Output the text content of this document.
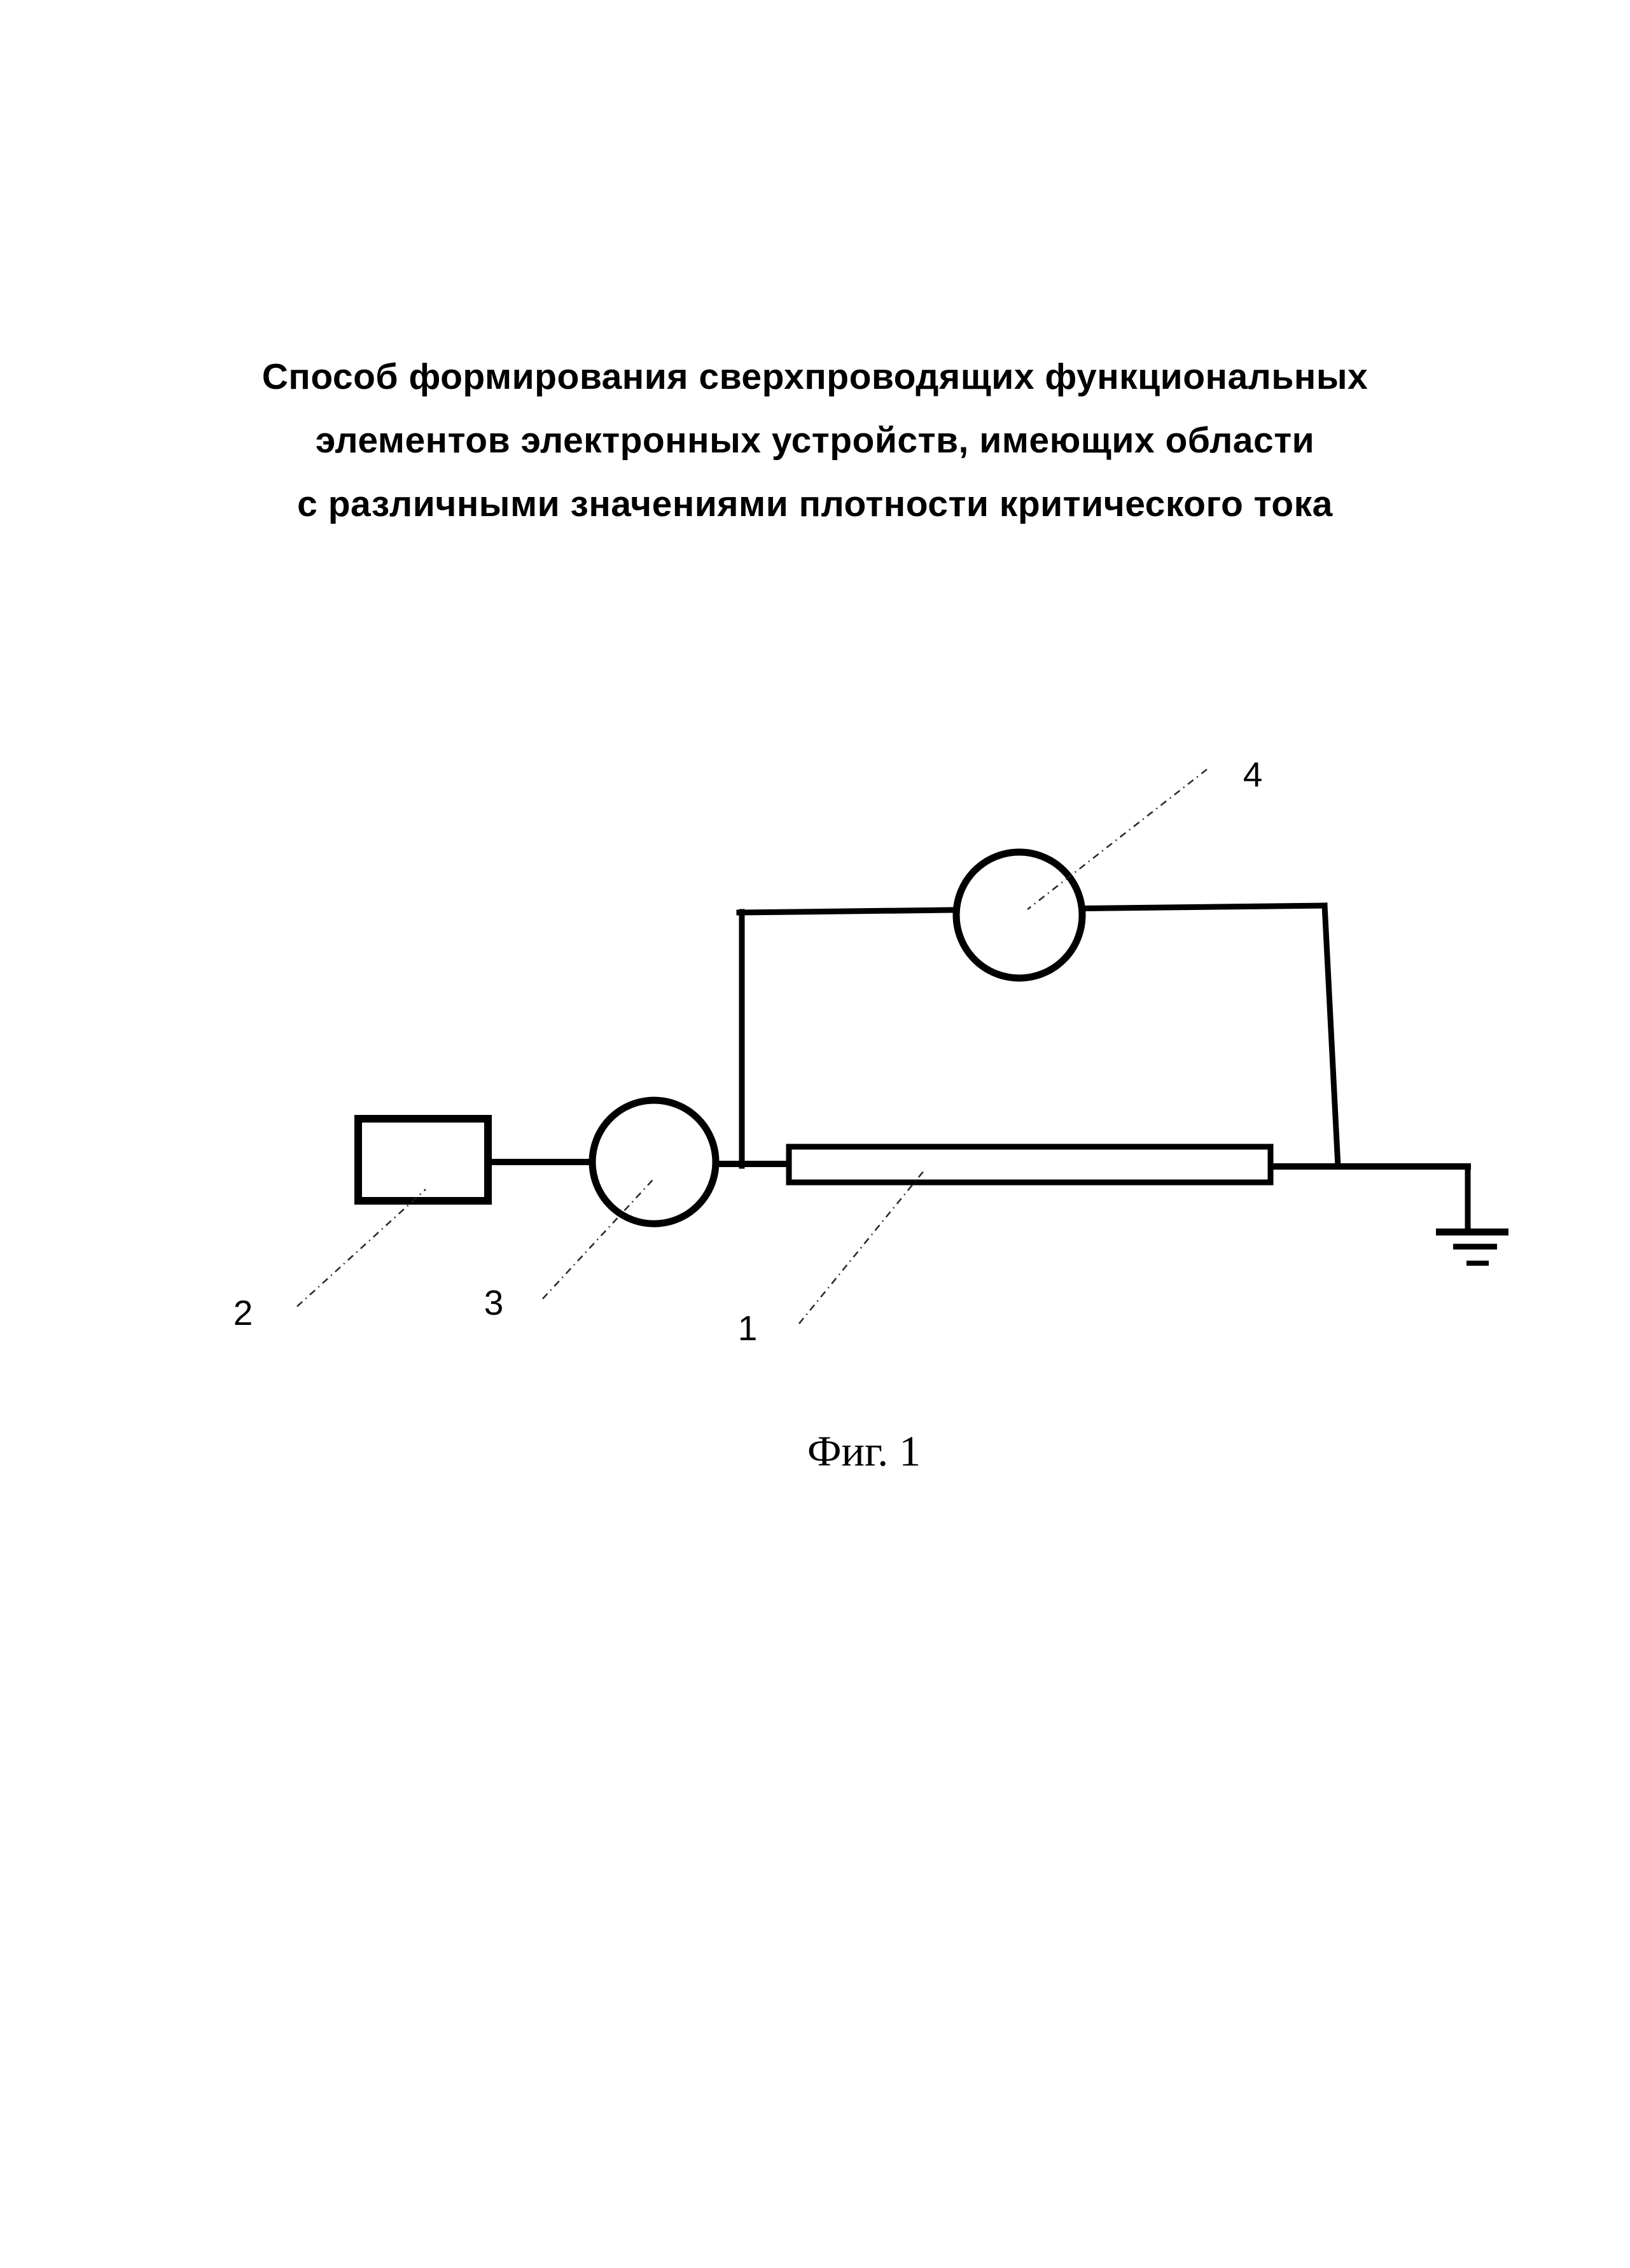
Способ формирования сверхпроводящих функциональных
элементов электронных устройств, имеющих области
с различными значениями плотности критического тока
2	3
1
4
Фиг. 1
